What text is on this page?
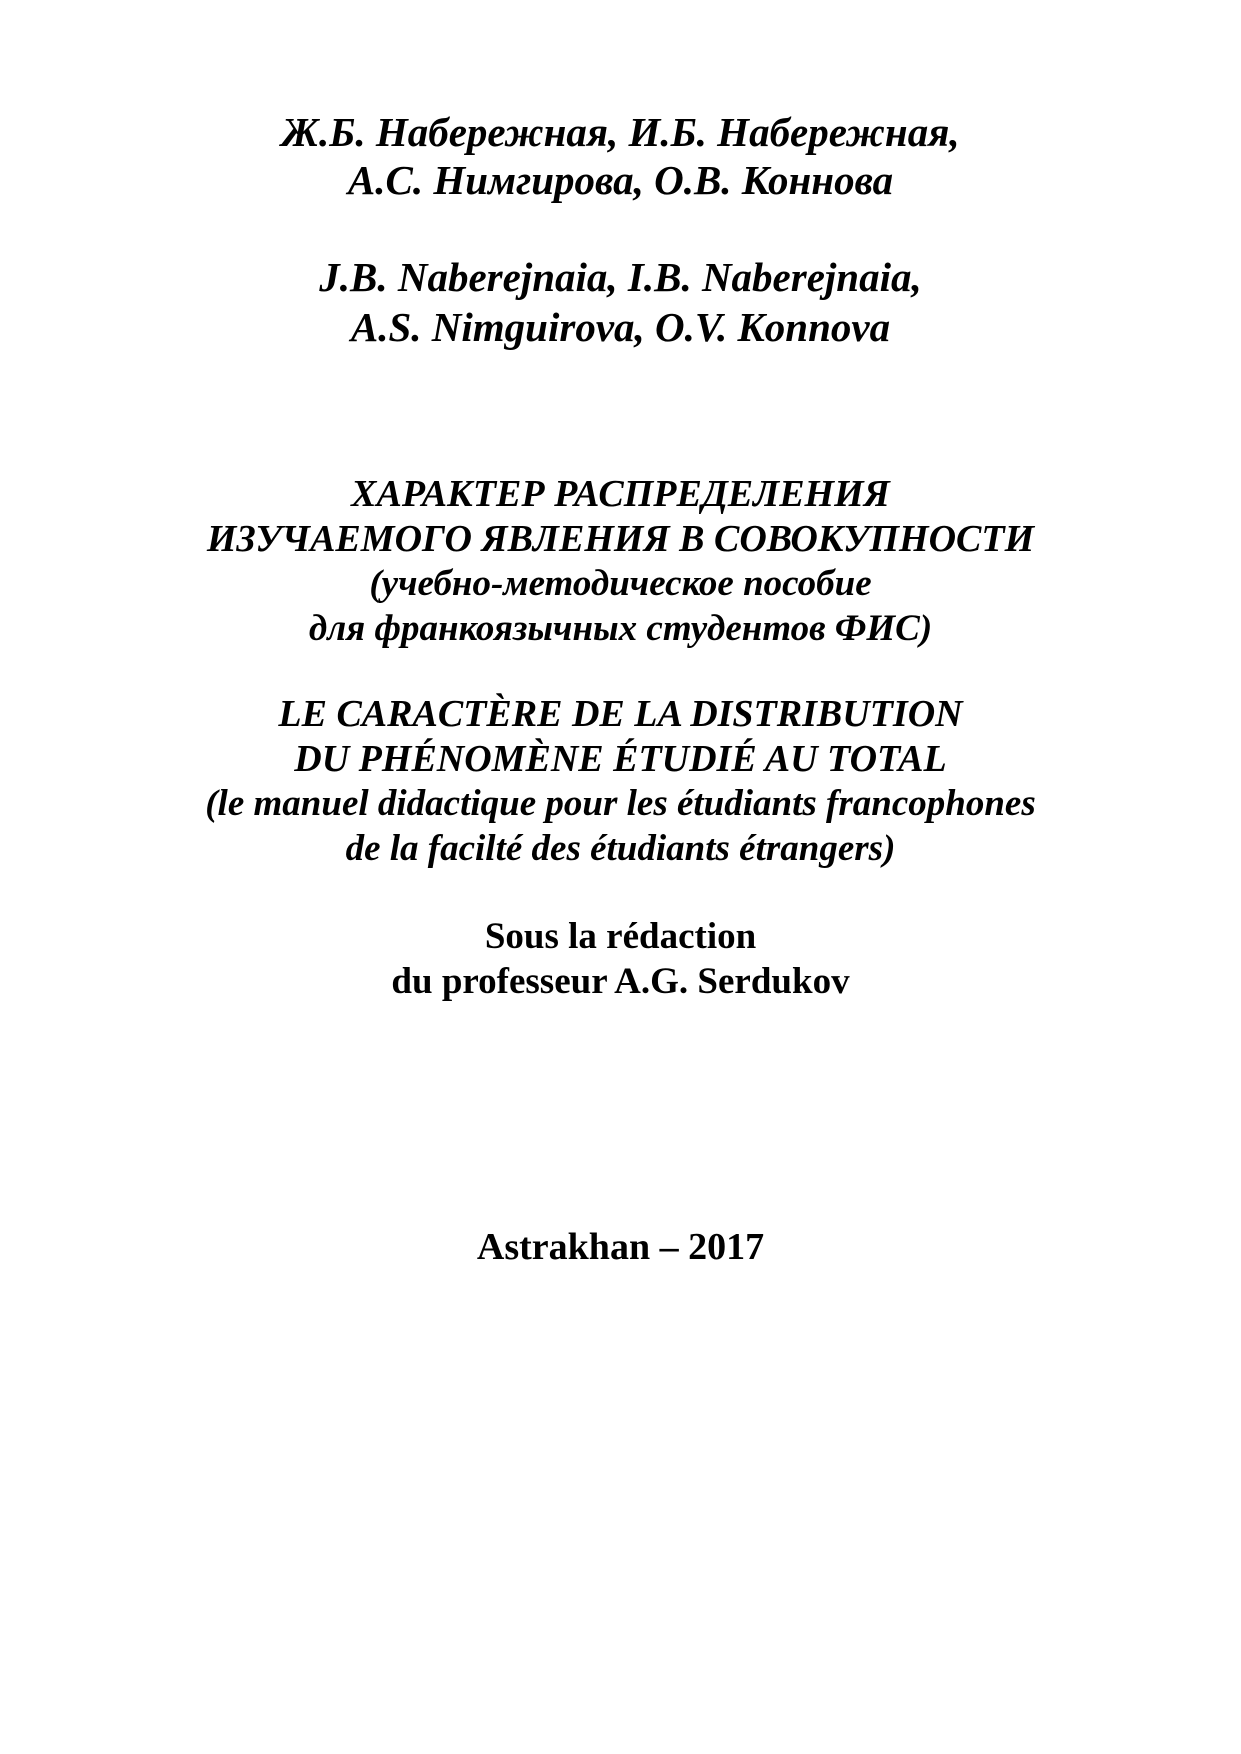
Ж.Б. Набережная, И.Б. Набережная,
А.С. Нимгирова, О.В. Коннова
J.B. Naberejnaia, I.B. Naberejnaia,
A.S. Nimguirova, O.V. Konnova
ХАРАКТЕР РАСПРЕДЕЛЕНИЯ
ИЗУЧАЕМОГО ЯВЛЕНИЯ В СОВОКУПНОСТИ
(учебно-методическое пособие
для франкоязычных студентов ФИС)
LE CARACTÈRE DE LA DISTRIBUTION
DU PHÉNOMÈNE ÉTUDIÉ AU TOTAL
(le manuel didactique pour les étudiants francophones
de la facilté des étudiants étrangers)
Sous la rédaction
du professeur A.G. Serdukov
Astrakhan – 2017
